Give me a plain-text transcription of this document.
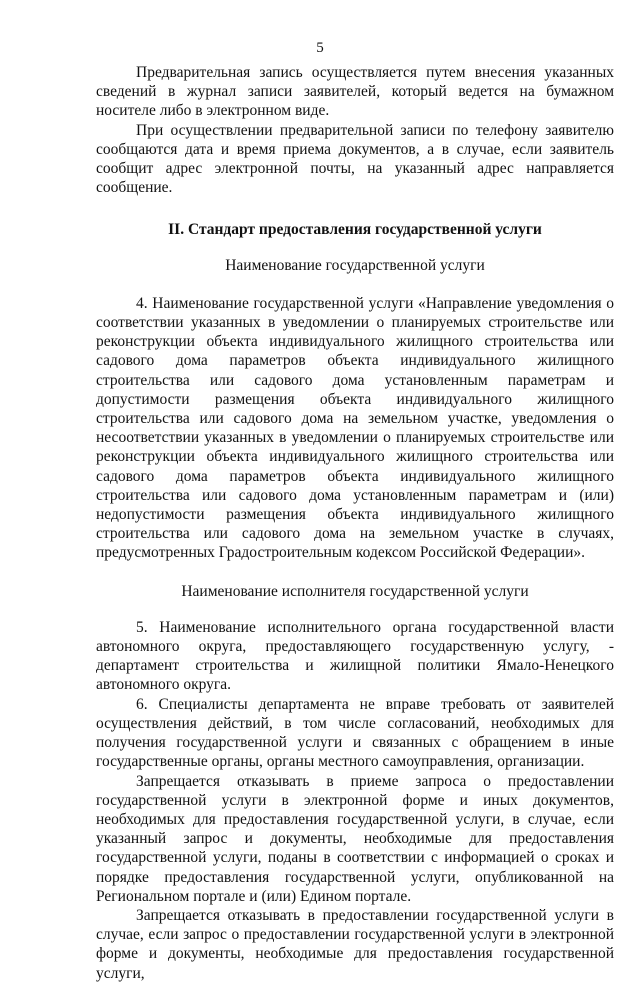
5

Предварительная запись осуществляется путем внесения указанных сведений в журнал записи заявителей, который ведется на бумажном носителе либо в электронном виде.

При осуществлении предварительной записи по телефону заявителю сообщаются дата и время приема документов, а в случае, если заявитель сообщит адрес электронной почты, на указанный адрес направляется сообщение.

II. Стандарт предоставления государственной услуги

Наименование государственной услуги

4. Наименование государственной услуги «Направление уведомления о соответствии указанных в уведомлении о планируемых строительстве или реконструкции объекта индивидуального жилищного строительства или садового дома параметров объекта индивидуального жилищного строительства или садового дома установленным параметрам и допустимости размещения объекта индивидуального жилищного строительства или садового дома на земельном участке, уведомления о несоответствии указанных в уведомлении о планируемых строительстве или реконструкции объекта индивидуального жилищного строительства или садового дома параметров объекта индивидуального жилищного строительства или садового дома установленным параметрам и (или) недопустимости размещения объекта индивидуального жилищного строительства или садового дома на земельном участке в случаях, предусмотренных Градостроительным кодексом Российской Федерации».

Наименование исполнителя государственной услуги

5. Наименование исполнительного органа государственной власти автономного округа, предоставляющего государственную услугу, - департамент строительства и жилищной политики Ямало-Ненецкого автономного округа.

6. Специалисты департамента не вправе требовать от заявителей осуществления действий, в том числе согласований, необходимых для получения государственной услуги и связанных с обращением в иные государственные органы, органы местного самоуправления, организации.

Запрещается отказывать в приеме запроса о предоставлении государственной услуги в электронной форме и иных документов, необходимых для предоставления государственной услуги, в случае, если указанный запрос и документы, необходимые для предоставления государственной услуги, поданы в соответствии с информацией о сроках и порядке предоставления государственной услуги, опубликованной на Региональном портале и (или) Едином портале.

Запрещается отказывать в предоставлении государственной услуги в случае, если запрос о предоставлении государственной услуги в электронной форме и документы, необходимые для предоставления государственной услуги,
